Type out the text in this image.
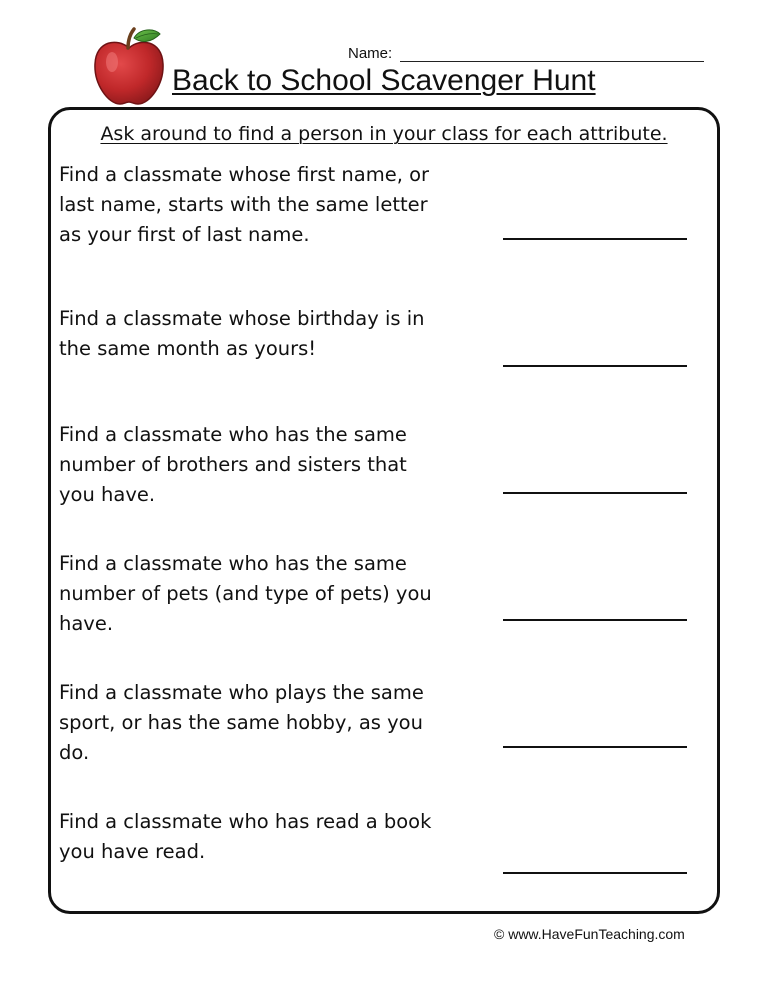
Name:
Back to School Scavenger Hunt
Ask around to find a person in your class for each attribute.
Find a classmate whose first name, or
last name, starts with the same letter
as your first of last name.
Find a classmate whose birthday is in
the same month as yours!
Find a classmate who has the same
number of brothers and sisters that
you have.
Find a classmate who has the same
number of pets (and type of pets) you
have.
Find a classmate who plays the same
sport, or has the same hobby, as you
do.
Find a classmate who has read a book
you have read.
© www.HaveFunTeaching.com
